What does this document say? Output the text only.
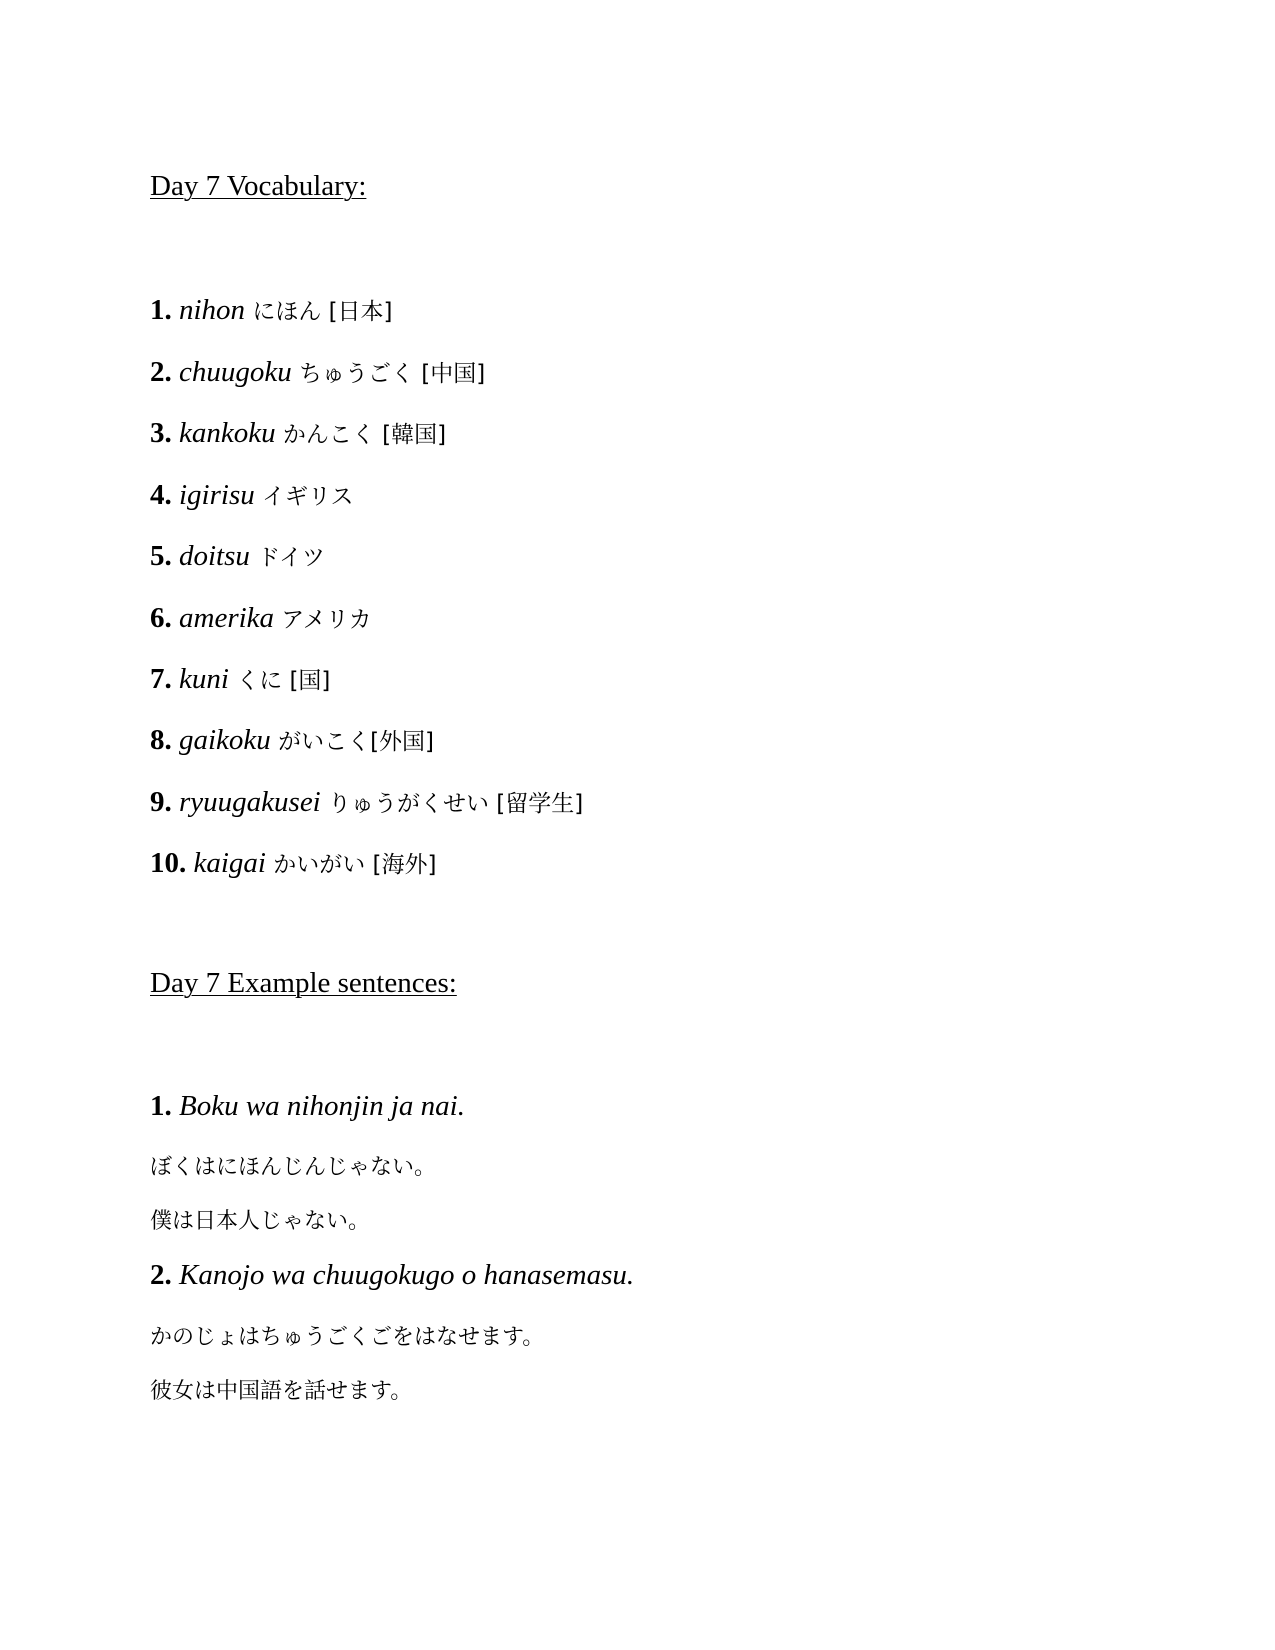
Day 7 Vocabulary:
1. nihon にほん [日本]
2. chuugoku ちゅうごく [中国]
3. kankoku かんこく [韓国]
4. igirisu イギリス
5. doitsu ドイツ
6. amerika アメリカ
7. kuni くに [国]
8. gaikoku がいこく[外国]
9. ryuugakusei りゅうがくせい [留学生]
10. kaigai かいがい [海外]
Day 7 Example sentences:
1. Boku wa nihonjin ja nai.
ぼくはにほんじんじゃない。
僕は日本人じゃない。
2. Kanojo wa chuugokugo o hanasemasu.
かのじょはちゅうごくごをはなせます。
彼女は中国語を話せます。
